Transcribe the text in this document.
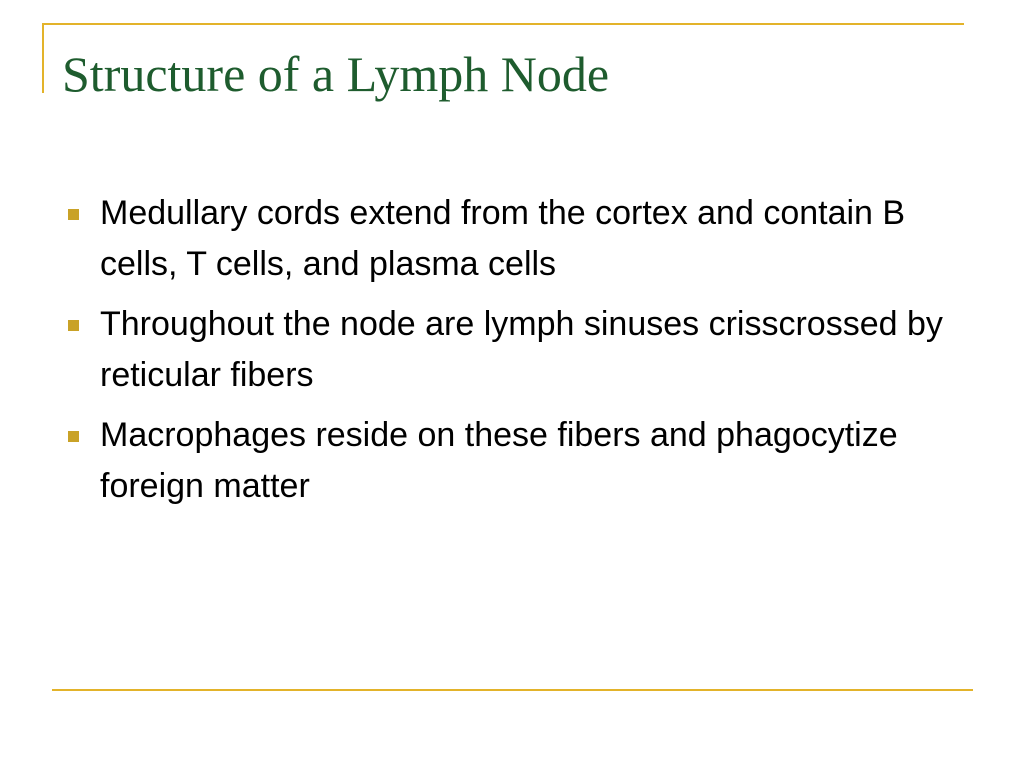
Structure of a Lymph Node
Medullary cords extend from the cortex and contain B cells, T cells, and plasma cells
Throughout the node are lymph sinuses crisscrossed by reticular fibers
Macrophages reside on these fibers and phagocytize foreign matter
